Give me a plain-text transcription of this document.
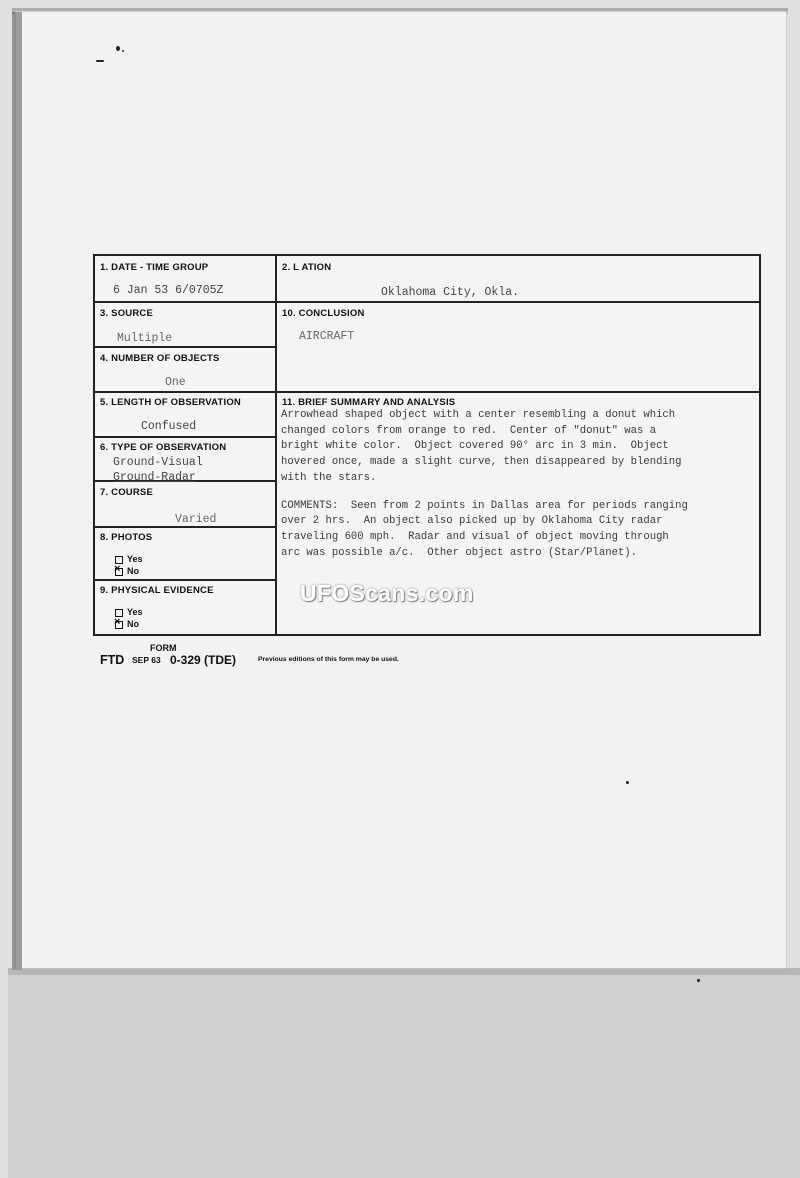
1. DATE - TIME GROUP
6 Jan 53 6/0705Z
2. L ATION
Oklahoma City, Okla.
3. SOURCE
Multiple
10. CONCLUSION
AIRCRAFT
4. NUMBER OF OBJECTS
One
5. LENGTH OF OBSERVATION
Confused
11. BRIEF SUMMARY AND ANALYSIS

Arrowhead shaped object with a center resembling a donut which
changed colors from orange to red.  Center of "donut" was a
bright white color.  Object covered 90° arc in 3 min.  Object
hovered once, made a slight curve, then disappeared by blending
with the stars.

COMMENTS:  Seen from 2 points in Dallas area for periods ranging
over 2 hrs.  An object also picked up by Oklahoma City radar
traveling 600 mph.  Radar and visual of object moving through
arc was possible a/c.  Other object astro (Star/Planet).

6. TYPE OF OBSERVATION
Ground-Visual
Ground-Radar
7. COURSE
Varied
8. PHOTOS
Yes
×No
9. PHYSICAL EVIDENCE
Yes
×No
FORM
FTD SEP 63 0-329 (TDE)	Previous editions of this form may be used.
UFOScans.com
